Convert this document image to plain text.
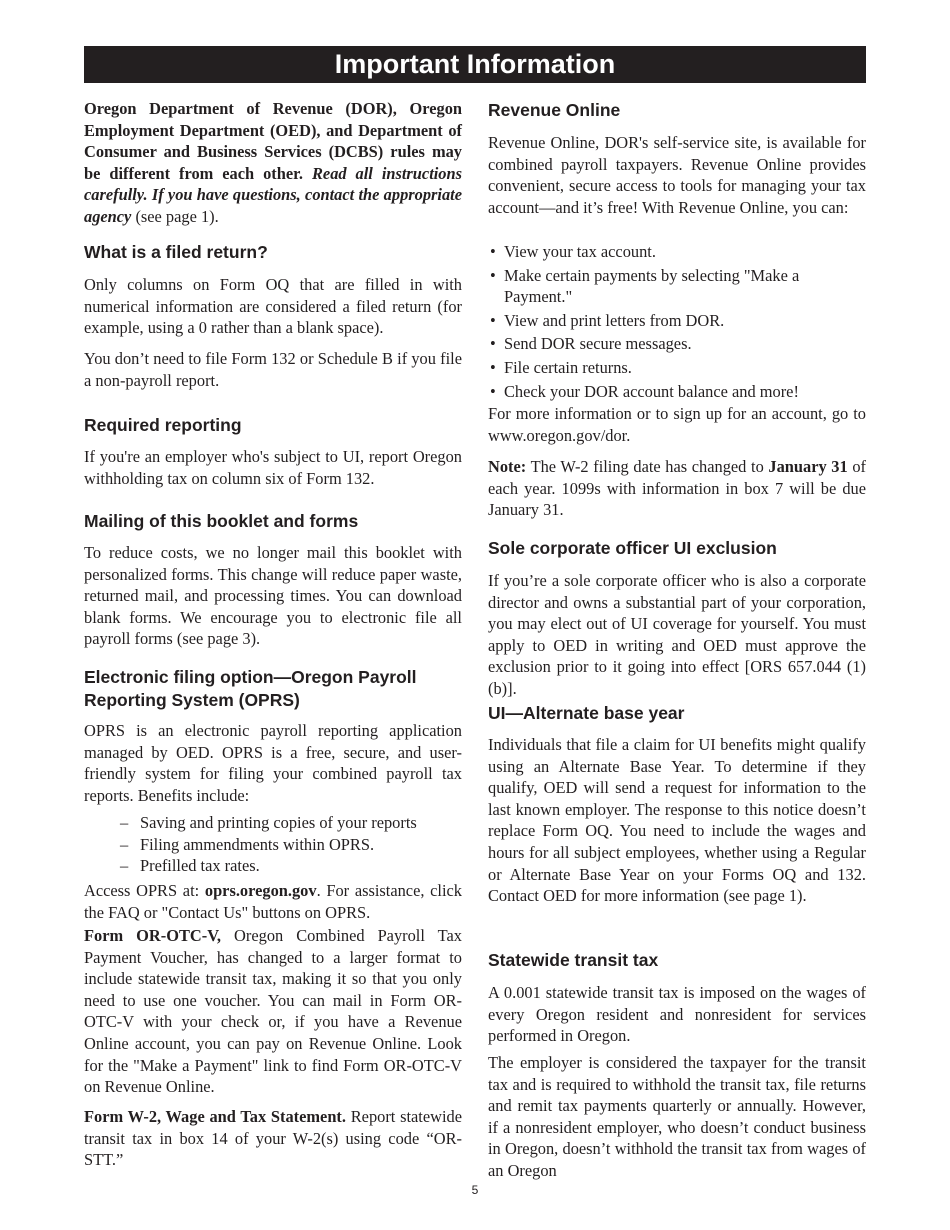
Important Information

Oregon Department of Revenue (DOR), Oregon Employment Department (OED), and Department of Consumer and Business Services (DCBS) rules may be different from each other. Read all instructions carefully. If you have questions, contact the appropriate agency (see page 1).

What is a filed return?

Only columns on Form OQ that are filled in with numerical information are considered a filed return (for example, using a 0 rather than a blank space).

You don’t need to file Form 132 or Schedule B if you file a non-payroll report.

Required reporting

If you're an employer who's subject to UI, report Oregon withholding tax on column six of Form 132.

Mailing of this booklet and forms

To reduce costs, we no longer mail this booklet with personalized forms. This change will reduce paper waste, returned mail, and processing times. You can download blank forms. We encourage you to electronic file all payroll forms (see page 3).

Electronic filing option—Oregon Payroll Reporting System (OPRS)

OPRS is an electronic payroll reporting application managed by OED. OPRS is a free, secure, and user-friendly system for filing your combined payroll tax reports. Benefits include:

– Saving and printing copies of your reports
– Filing ammendments within OPRS.
– Prefilled tax rates.

Access OPRS at: oprs.oregon.gov. For assistance, click the FAQ or "Contact Us" buttons on OPRS.

Form OR-OTC-V, Oregon Combined Payroll Tax Payment Voucher, has changed to a larger format to include statewide transit tax, making it so that you only need to use one voucher. You can mail in Form OR-OTC-V with your check or, if you have a Revenue Online account, you can pay on Revenue Online. Look for the "Make a Payment" link to find Form OR-OTC-V on Revenue Online.

Form W-2, Wage and Tax Statement. Report statewide transit tax in box 14 of your W-2(s) using code “OR-STT.”

Revenue Online

Revenue Online, DOR's self-service site, is available for combined payroll taxpayers. Revenue Online provides convenient, secure access to tools for managing your tax account—and it’s free! With Revenue Online, you can:

• View your tax account.
• Make certain payments by selecting "Make a Payment."
• View and print letters from DOR.
• Send DOR secure messages.
• File certain returns.
• Check your DOR account balance and more!

For more information or to sign up for an account, go to www.oregon.gov/dor.

Note: The W-2 filing date has changed to January 31 of each year. 1099s with information in box 7 will be due January 31.

Sole corporate officer UI exclusion

If you’re a sole corporate officer who is also a corporate director and owns a substantial part of your corporation, you may elect out of UI coverage for yourself. You must apply to OED in writing and OED must approve the exclusion prior to it going into effect [ORS 657.044 (1)(b)].

UI—Alternate base year

Individuals that file a claim for UI benefits might qualify using an Alternate Base Year. To determine if they qualify, OED will send a request for information to the last known employer. The response to this notice doesn’t replace Form OQ. You need to include the wages and hours for all subject employees, whether using a Regular or Alternate Base Year on your Forms OQ and 132. Contact OED for more information (see page 1).

Statewide transit tax

A 0.001 statewide transit tax is imposed on the wages of every Oregon resident and nonresident for services performed in Oregon.

The employer is considered the taxpayer for the transit tax and is required to withhold the transit tax, file returns and remit tax payments quarterly or annually. However, if a nonresident employer, who doesn’t conduct business in Oregon, doesn’t withhold the transit tax from wages of an Oregon

5
